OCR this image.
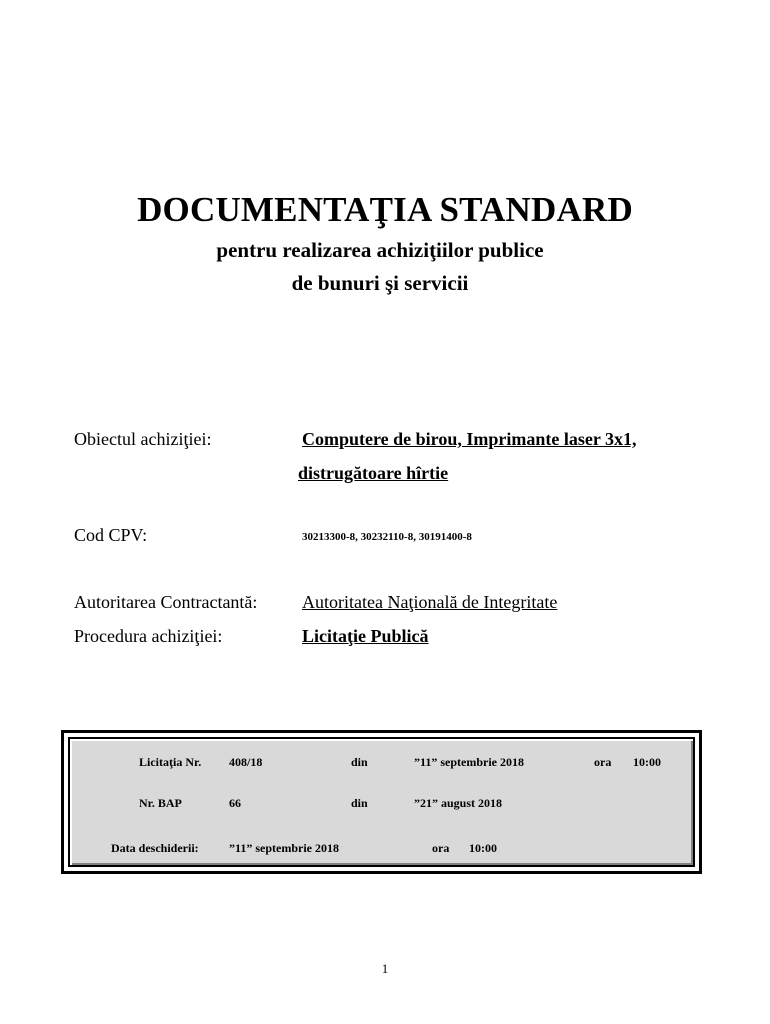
DOCUMENTAŢIA STANDARD
pentru realizarea achiziţiilor publice
de bunuri şi servicii
Obiectul achiziţiei:	Computere de birou, Imprimante laser 3x1,
distrugătoare hîrtie
Cod CPV:	30213300-8, 30232110-8, 30191400-8
Autoritarea Contractantă: Autoritatea Naţională de Integritate
Procedura achiziţiei:	Licitaţie Publică
Licitaţia Nr. 408/18	din	”11” septembrie 2018	ora 10:00
Nr. BAP	66	din	”21” august 2018
Data deschiderii:	”11” septembrie 2018	ora 10:00
1
